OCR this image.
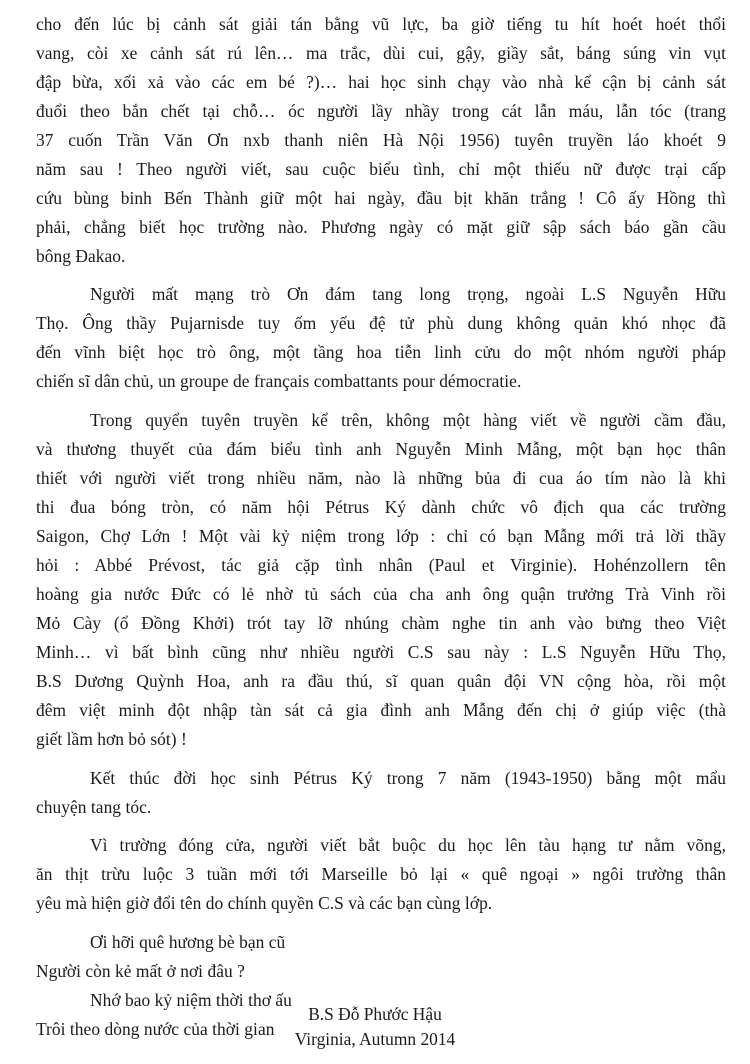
cho đến lúc bị cảnh sát giải tán bằng vũ lực, ba giờ tiếng tu hít hoét hoét thổi
vang, còi xe cảnh sát rú lên… ma trắc, dùi cui, gậy, giầy sắt, báng súng vin vụt
đập bừa, xối xả vào các em bé ?)… hai học sinh chạy vào nhà kế cận bị cảnh sát
đuổi theo bắn chết tại chỗ… óc người lầy nhầy trong cát lẫn máu, lẫn tóc (trang
37 cuốn Trần Văn Ơn nxb thanh niên Hà Nội 1956) tuyên truyền láo khoét 9
năm sau ! Theo người viết, sau cuộc biểu tình, chỉ một thiếu nữ được trại cấp
cứu bùng binh Bến Thành giữ một hai ngày, đầu bịt khăn trắng ! Cô ấy Hồng thì
phải, chẳng biết học trường nào. Phương ngày có mặt giữ sập sách báo gần cầu
bông Đakao.
Người mất mạng trò Ơn đám tang long trọng, ngoài L.S Nguyễn Hữu
Thọ. Ông thầy Pujarnisde tuy ốm yếu đệ tử phù dung không quản khó nhọc đã
đến vĩnh biệt học trò ông, một tầng hoa tiễn linh cửu do một nhóm người pháp
chiến sĩ dân chủ, un groupe de français combattants pour démocratie.
Trong quyển tuyên truyền kể trên, không một hàng viết về người cầm đầu,
và thương thuyết của đám biểu tình anh Nguyễn Minh Mẫng, một bạn học thân
thiết với người viết trong nhiều năm, nào là những bủa đi cua áo tím nào là khi
thi đua bóng tròn, có năm hội Pétrus Ký dành chức vô địch qua các trường
Saigon, Chợ Lớn ! Một vài kỷ niệm trong lớp : chỉ có bạn Mẫng mới trả lời thầy
hỏi : Abbé Prévost, tác giả cặp tình nhân (Paul et Virginie). Hohénzollern tên
hoàng gia nước Đức có lẻ nhờ tủ sách của cha anh ông quận trưởng Trà Vinh rồi
Mỏ Cày (ổ Đồng Khởi) trót tay lỡ nhúng chàm nghe tin anh vào bưng theo Việt
Minh… vì bất bình cũng như nhiều người C.S sau này : L.S Nguyễn Hữu Thọ,
B.S Dương Quỳnh Hoa, anh ra đầu thú, sĩ quan quân đội VN cộng hòa, rồi một
đêm việt minh đột nhập tàn sát cả gia đình anh Mẫng đến chị ở giúp việc (thà
giết lầm hơn bỏ sót) !
Kết thúc đời học sinh Pétrus Ký trong 7 năm (1943-1950) bằng một mẩu
chuyện tang tóc.
Vì trường đóng cửa, người viết bắt buộc du học lên tàu hạng tư nằm võng,
ăn thịt trừu luộc 3 tuần mới tới Marseille bỏ lại « quê ngoại » ngôi trường thân
yêu mà hiện giờ đổi tên do chính quyền C.S và các bạn cùng lớp.
Ơi hỡi quê hương bè bạn cũ
Người còn kẻ mất ở nơi đâu ?
Nhớ bao kỷ niệm thời thơ ấu
Trôi theo dòng nước của thời gian
B.S Đỗ Phước Hậu
Virginia, Autumn 2014
